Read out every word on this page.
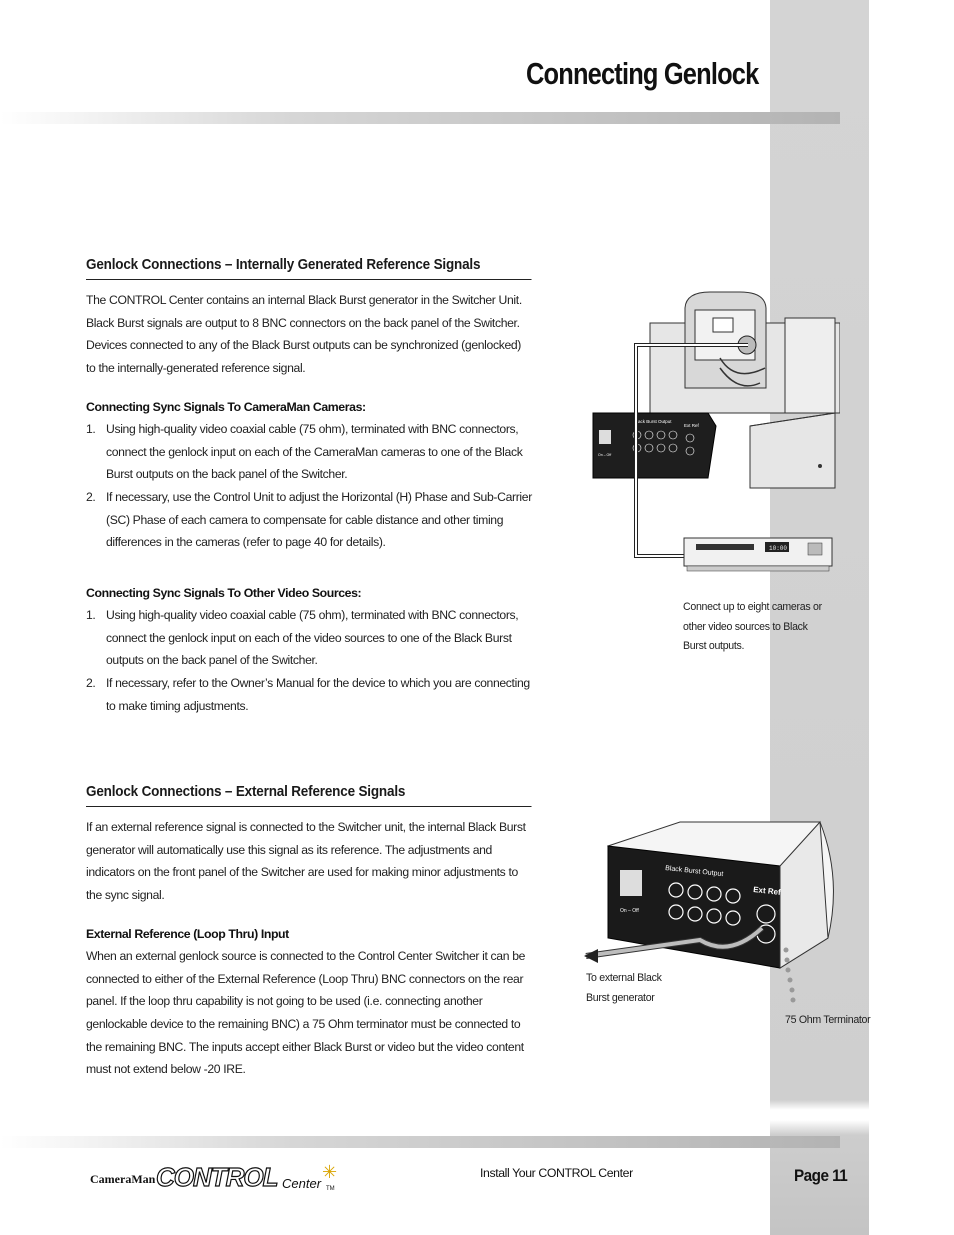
Connecting Genlock
Genlock Connections – Internally Generated Reference Signals

The CONTROL Center contains an internal Black Burst generator in the Switcher Unit. Black Burst signals are output to 8 BNC connectors on the back panel of the Switcher. Devices connected to any of the Black Burst outputs can be synchronized (genlocked) to the internally-generated reference signal.

Connecting Sync Signals To CameraMan Cameras:

1. Using high-quality video coaxial cable (75 ohm), terminated with BNC connectors, connect the genlock input on each of the CameraMan cameras to one of the Black Burst outputs on the back panel of the Switcher.
2. If necessary, use the Control Unit to adjust the Horizontal (H) Phase and Sub-Carrier (SC) Phase of each camera to compensate for cable distance and other timing differences in the cameras (refer to page 40 for details).

Connecting Sync Signals To Other Video Sources:

1. Using high-quality video coaxial cable (75 ohm), terminated with BNC connectors, connect the genlock input on each of the video sources to one of the Black Burst outputs on the back panel of the Switcher.
2. If necessary, refer to the Owner’s Manual for the device to which you are connecting to make timing adjustments.
Black Burst Output
Ext Ref
On – Off
10:00
Connect up to eight cameras or other video sources to Black Burst outputs.
Genlock Connections – External Reference Signals

If an external reference signal is connected to the Switcher unit, the internal Black Burst generator will automatically use this signal as its reference. The adjustments and indicators on the front panel of the Switcher are used for making minor adjustments to the sync signal.

External Reference (Loop Thru) Input

When an external genlock source is connected to the Control Center Switcher it can be connected to either of the External Reference (Loop Thru) BNC connectors on the rear panel. If the loop thru capability is not going to be used (i.e. connecting another genlockable device to the remaining BNC) a 75 Ohm terminator must be connected to the remaining BNC. The inputs accept either Black Burst or video but the video content must not extend below -20 IRE.

Black Burst Output
Ext Ref
On – Off
To external Black Burst generator
75 Ohm Terminator
CameraMan CONTROL Center TM
✳	Install Your CONTROL Center	Page 11
